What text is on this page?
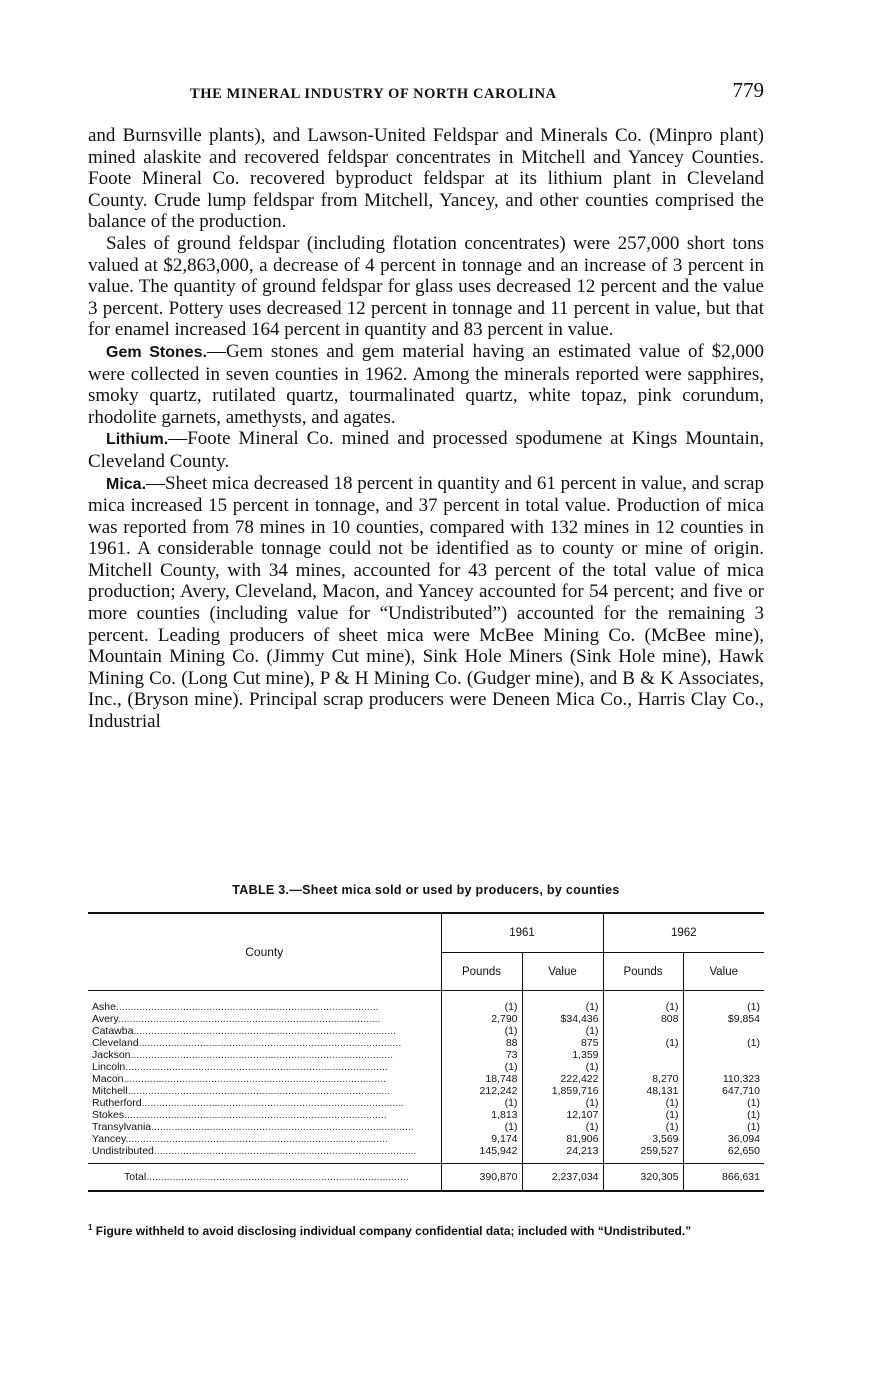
THE MINERAL INDUSTRY OF NORTH CAROLINA	779

and Burnsville plants), and Lawson-United Feldspar and Minerals Co. (Minpro plant) mined alaskite and recovered feldspar concentrates in Mitchell and Yancey Counties. Foote Mineral Co. recovered byproduct feldspar at its lithium plant in Cleveland County. Crude lump feldspar from Mitchell, Yancey, and other counties comprised the balance of the production.

Sales of ground feldspar (including flotation concentrates) were 257,000 short tons valued at $2,863,000, a decrease of 4 percent in tonnage and an increase of 3 percent in value. The quantity of ground feldspar for glass uses decreased 12 percent and the value 3 percent. Pottery uses decreased 12 percent in tonnage and 11 percent in value, but that for enamel increased 164 percent in quantity and 83 percent in value.

Gem Stones.—Gem stones and gem material having an estimated value of $2,000 were collected in seven counties in 1962. Among the minerals reported were sapphires, smoky quartz, rutilated quartz, tourmalinated quartz, white topaz, pink corundum, rhodolite garnets, amethysts, and agates.

Lithium.—Foote Mineral Co. mined and processed spodumene at Kings Mountain, Cleveland County.

Mica.—Sheet mica decreased 18 percent in quantity and 61 percent in value, and scrap mica increased 15 percent in tonnage, and 37 percent in total value. Production of mica was reported from 78 mines in 10 counties, compared with 132 mines in 12 counties in 1961. A considerable tonnage could not be identified as to county or mine of origin. Mitchell County, with 34 mines, accounted for 43 percent of the total value of mica production; Avery, Cleveland, Macon, and Yancey accounted for 54 percent; and five or more counties (including value for “Undistributed”) accounted for the remaining 3 percent. Leading producers of sheet mica were McBee Mining Co. (McBee mine), Mountain Mining Co. (Jimmy Cut mine), Sink Hole Miners (Sink Hole mine), Hawk Mining Co. (Long Cut mine), P & H Mining Co. (Gudger mine), and B & K Associates, Inc., (Bryson mine). Principal scrap producers were Deneen Mica Co., Harris Clay Co., Industrial

TABLE 3.—Sheet mica sold or used by producers, by counties
County	1961		1962	
	Pounds	Value	Pounds	Value
Ashe..........................................................................................	(1)	(1)	(1)	(1)
Avery..........................................................................................	2,790	$34,436	808	$9,854
Catawba..........................................................................................	(1)	(1)		
Cleveland..........................................................................................	88	875	(1)	(1)
Jackson..........................................................................................	73	1,359		
Lincoln..........................................................................................	(1)	(1)		
Macon..........................................................................................	18,748	222,422	8,270	110,323
Mitchell..........................................................................................	212,242	1,859,716	48,131	647,710
Rutherford..........................................................................................	(1)	(1)	(1)	(1)
Stokes..........................................................................................	1,813	12,107	(1)	(1)
Transylvania..........................................................................................	(1)	(1)	(1)	(1)
Yancey..........................................................................................	9,174	81,906	3,569	36,094
Undistributed..........................................................................................	145,942	24,213	259,527	62,650
Total..........................................................................................	390,870	2,237,034	320,305	866,631
$^1$ Figure withheld to avoid disclosing individual company confidential data; included with “Undistributed.”
